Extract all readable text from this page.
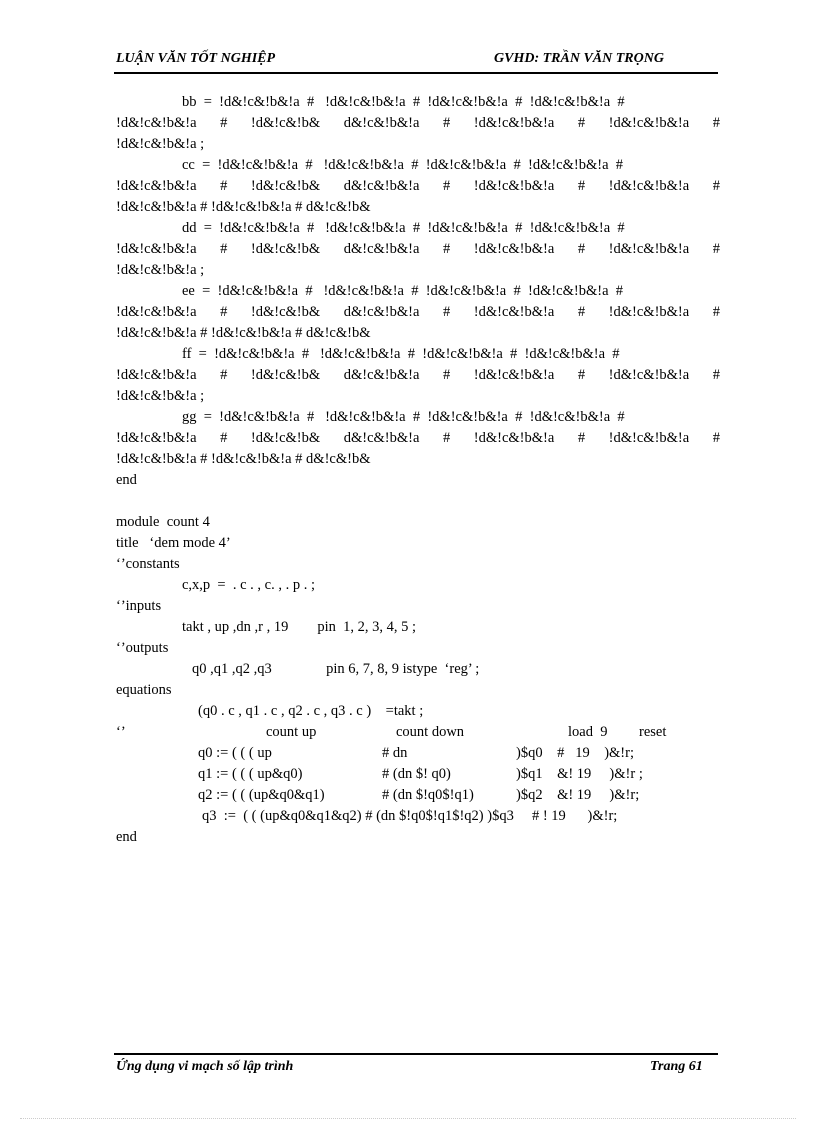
LUẬN VĂN TỐT NGHIỆP	GVHD: TRẦN VĂN TRỌNG
bb  =  !d&!c&!b&!a  #   !d&!c&!b&!a  #  !d&!c&!b&!a  #  !d&!c&!b&!a  #
!d&!c&!b&!a # !d&!c&!b& d&!c&!b&!a # !d&!c&!b&!a # !d&!c&!b&!a #
!d&!c&!b&!a ;
cc  =  !d&!c&!b&!a  #   !d&!c&!b&!a  #  !d&!c&!b&!a  #  !d&!c&!b&!a  #
!d&!c&!b&!a # !d&!c&!b& d&!c&!b&!a # !d&!c&!b&!a # !d&!c&!b&!a #
!d&!c&!b&!a # !d&!c&!b&!a # d&!c&!b&
dd  =  !d&!c&!b&!a  #   !d&!c&!b&!a  #  !d&!c&!b&!a  #  !d&!c&!b&!a  #
!d&!c&!b&!a # !d&!c&!b& d&!c&!b&!a # !d&!c&!b&!a # !d&!c&!b&!a #
!d&!c&!b&!a ;
ee  =  !d&!c&!b&!a  #   !d&!c&!b&!a  #  !d&!c&!b&!a  #  !d&!c&!b&!a  #
!d&!c&!b&!a # !d&!c&!b& d&!c&!b&!a # !d&!c&!b&!a # !d&!c&!b&!a #
!d&!c&!b&!a # !d&!c&!b&!a # d&!c&!b&
ff  =  !d&!c&!b&!a  #   !d&!c&!b&!a  #  !d&!c&!b&!a  #  !d&!c&!b&!a  #
!d&!c&!b&!a # !d&!c&!b& d&!c&!b&!a # !d&!c&!b&!a # !d&!c&!b&!a #
!d&!c&!b&!a ;
gg  =  !d&!c&!b&!a  #   !d&!c&!b&!a  #  !d&!c&!b&!a  #  !d&!c&!b&!a  #
!d&!c&!b&!a # !d&!c&!b& d&!c&!b&!a # !d&!c&!b&!a # !d&!c&!b&!a #
!d&!c&!b&!a # !d&!c&!b&!a # d&!c&!b&
end
module  count 4
title   ‘dem mode 4’
‘’constants
c,x,p  =  . c . , c. , . p . ;
‘’inputs
takt , up ,dn ,r , 19        pin  1, 2, 3, 4, 5 ;
‘’outputs
q0 ,q1 ,q2 ,q3               pin 6, 7, 8, 9 istype  ‘reg’ ;
equations
(q0 . c , q1 . c , q2 . c , q3 . c )    =takt ;
‘’	count up	count down	load  9 reset
q0 := ( ( ( up	# dn	)$q0    #   19    )&!r;
q1 := ( ( ( up&q0)	# (dn $! q0)	)$q1    &! 19     )&!r ;
q2 := ( ( (up&q0&q1)	# (dn $!q0$!q1)	)$q2    &! 19     )&!r;
q3  :=  ( ( (up&q0&q1&q2) # (dn $!q0$!q1$!q2) )$q3     # ! 19      )&!r;
end
Ứng dụng vi mạch số lập trình	Trang 61
